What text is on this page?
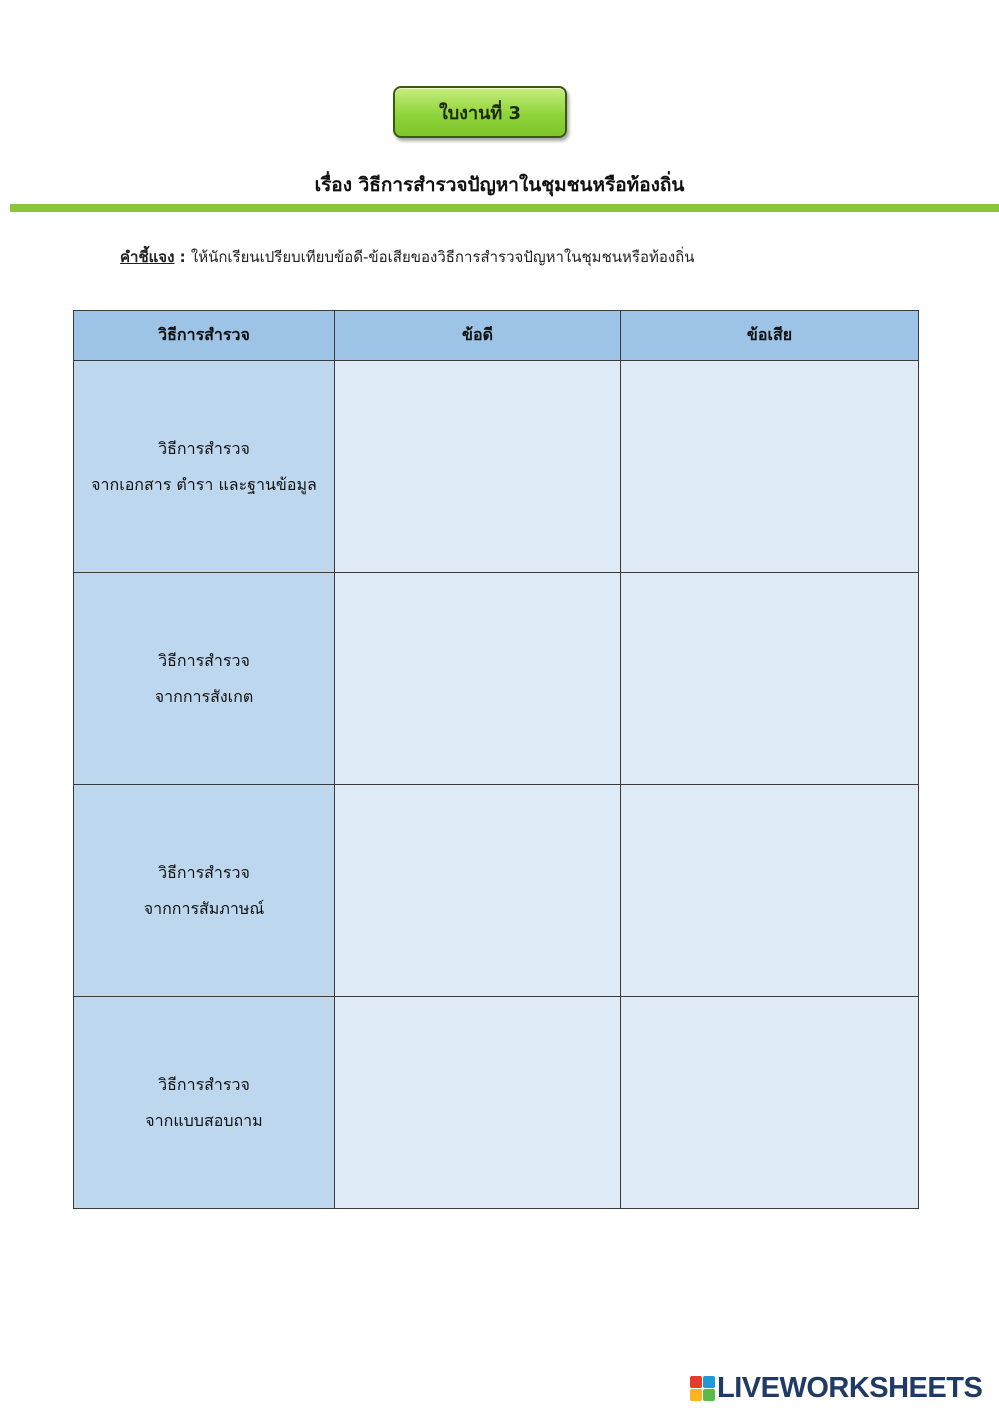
ใบงานที่ 3
เรื่อง วิธีการสำรวจปัญหาในชุมชนหรือท้องถิ่น
คำชี้แจง : ให้นักเรียนเปรียบเทียบข้อดี-ข้อเสียของวิธีการสำรวจปัญหาในชุมชนหรือท้องถิ่น
วิธีการสำรวจ	ข้อดี	ข้อเสีย

วิธีการสำรวจ
จากเอกสาร ตำรา และฐานข้อมูล		

วิธีการสำรวจ
จากการสังเกต		

วิธีการสำรวจ
จากการสัมภาษณ์		

วิธีการสำรวจ
จากแบบสอบถาม		

LIVEWORKSHEETS
